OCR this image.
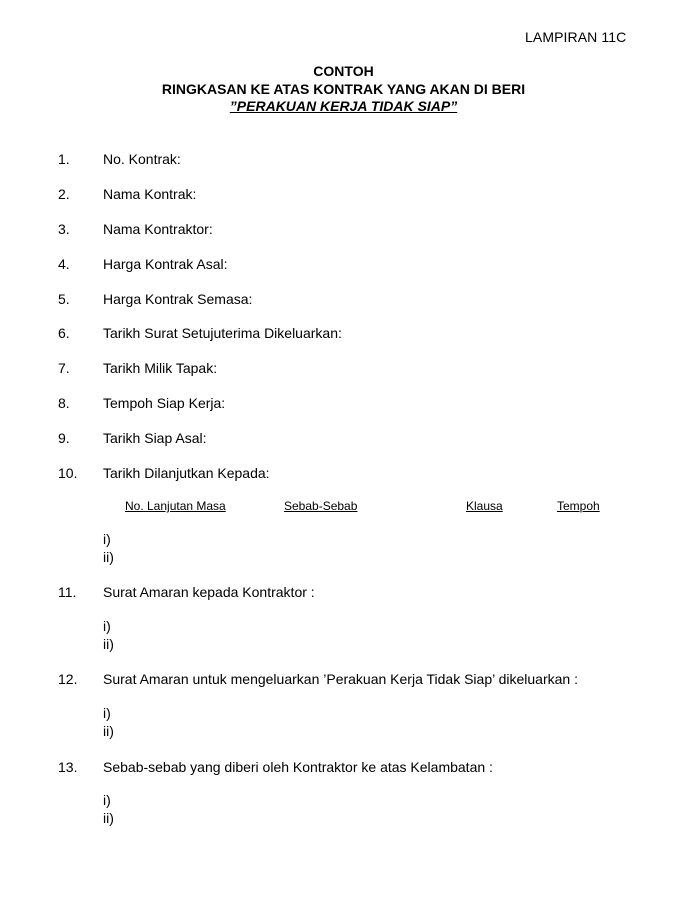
LAMPIRAN 11C
CONTOH
RINGKASAN KE ATAS KONTRAK YANG AKAN DI BERI
”PERAKUAN KERJA TIDAK SIAP”
1. No. Kontrak:
2. Nama Kontrak:
3. Nama Kontraktor:
4. Harga Kontrak Asal:
5. Harga Kontrak Semasa:
6. Tarikh Surat Setujuterima Dikeluarkan:
7. Tarikh Milik Tapak:
8. Tempoh Siap Kerja:
9. Tarikh Siap Asal:
10. Tarikh Dilanjutkan Kepada:
No. Lanjutan Masa	Sebab-Sebab	Klausa	Tempoh
i)
ii)
11. Surat Amaran kepada Kontraktor :
i)
ii)
12. Surat Amaran untuk mengeluarkan ’Perakuan Kerja Tidak Siap’ dikeluarkan :
i)
ii)
13. Sebab-sebab yang diberi oleh Kontraktor ke atas Kelambatan :
i)
ii)
